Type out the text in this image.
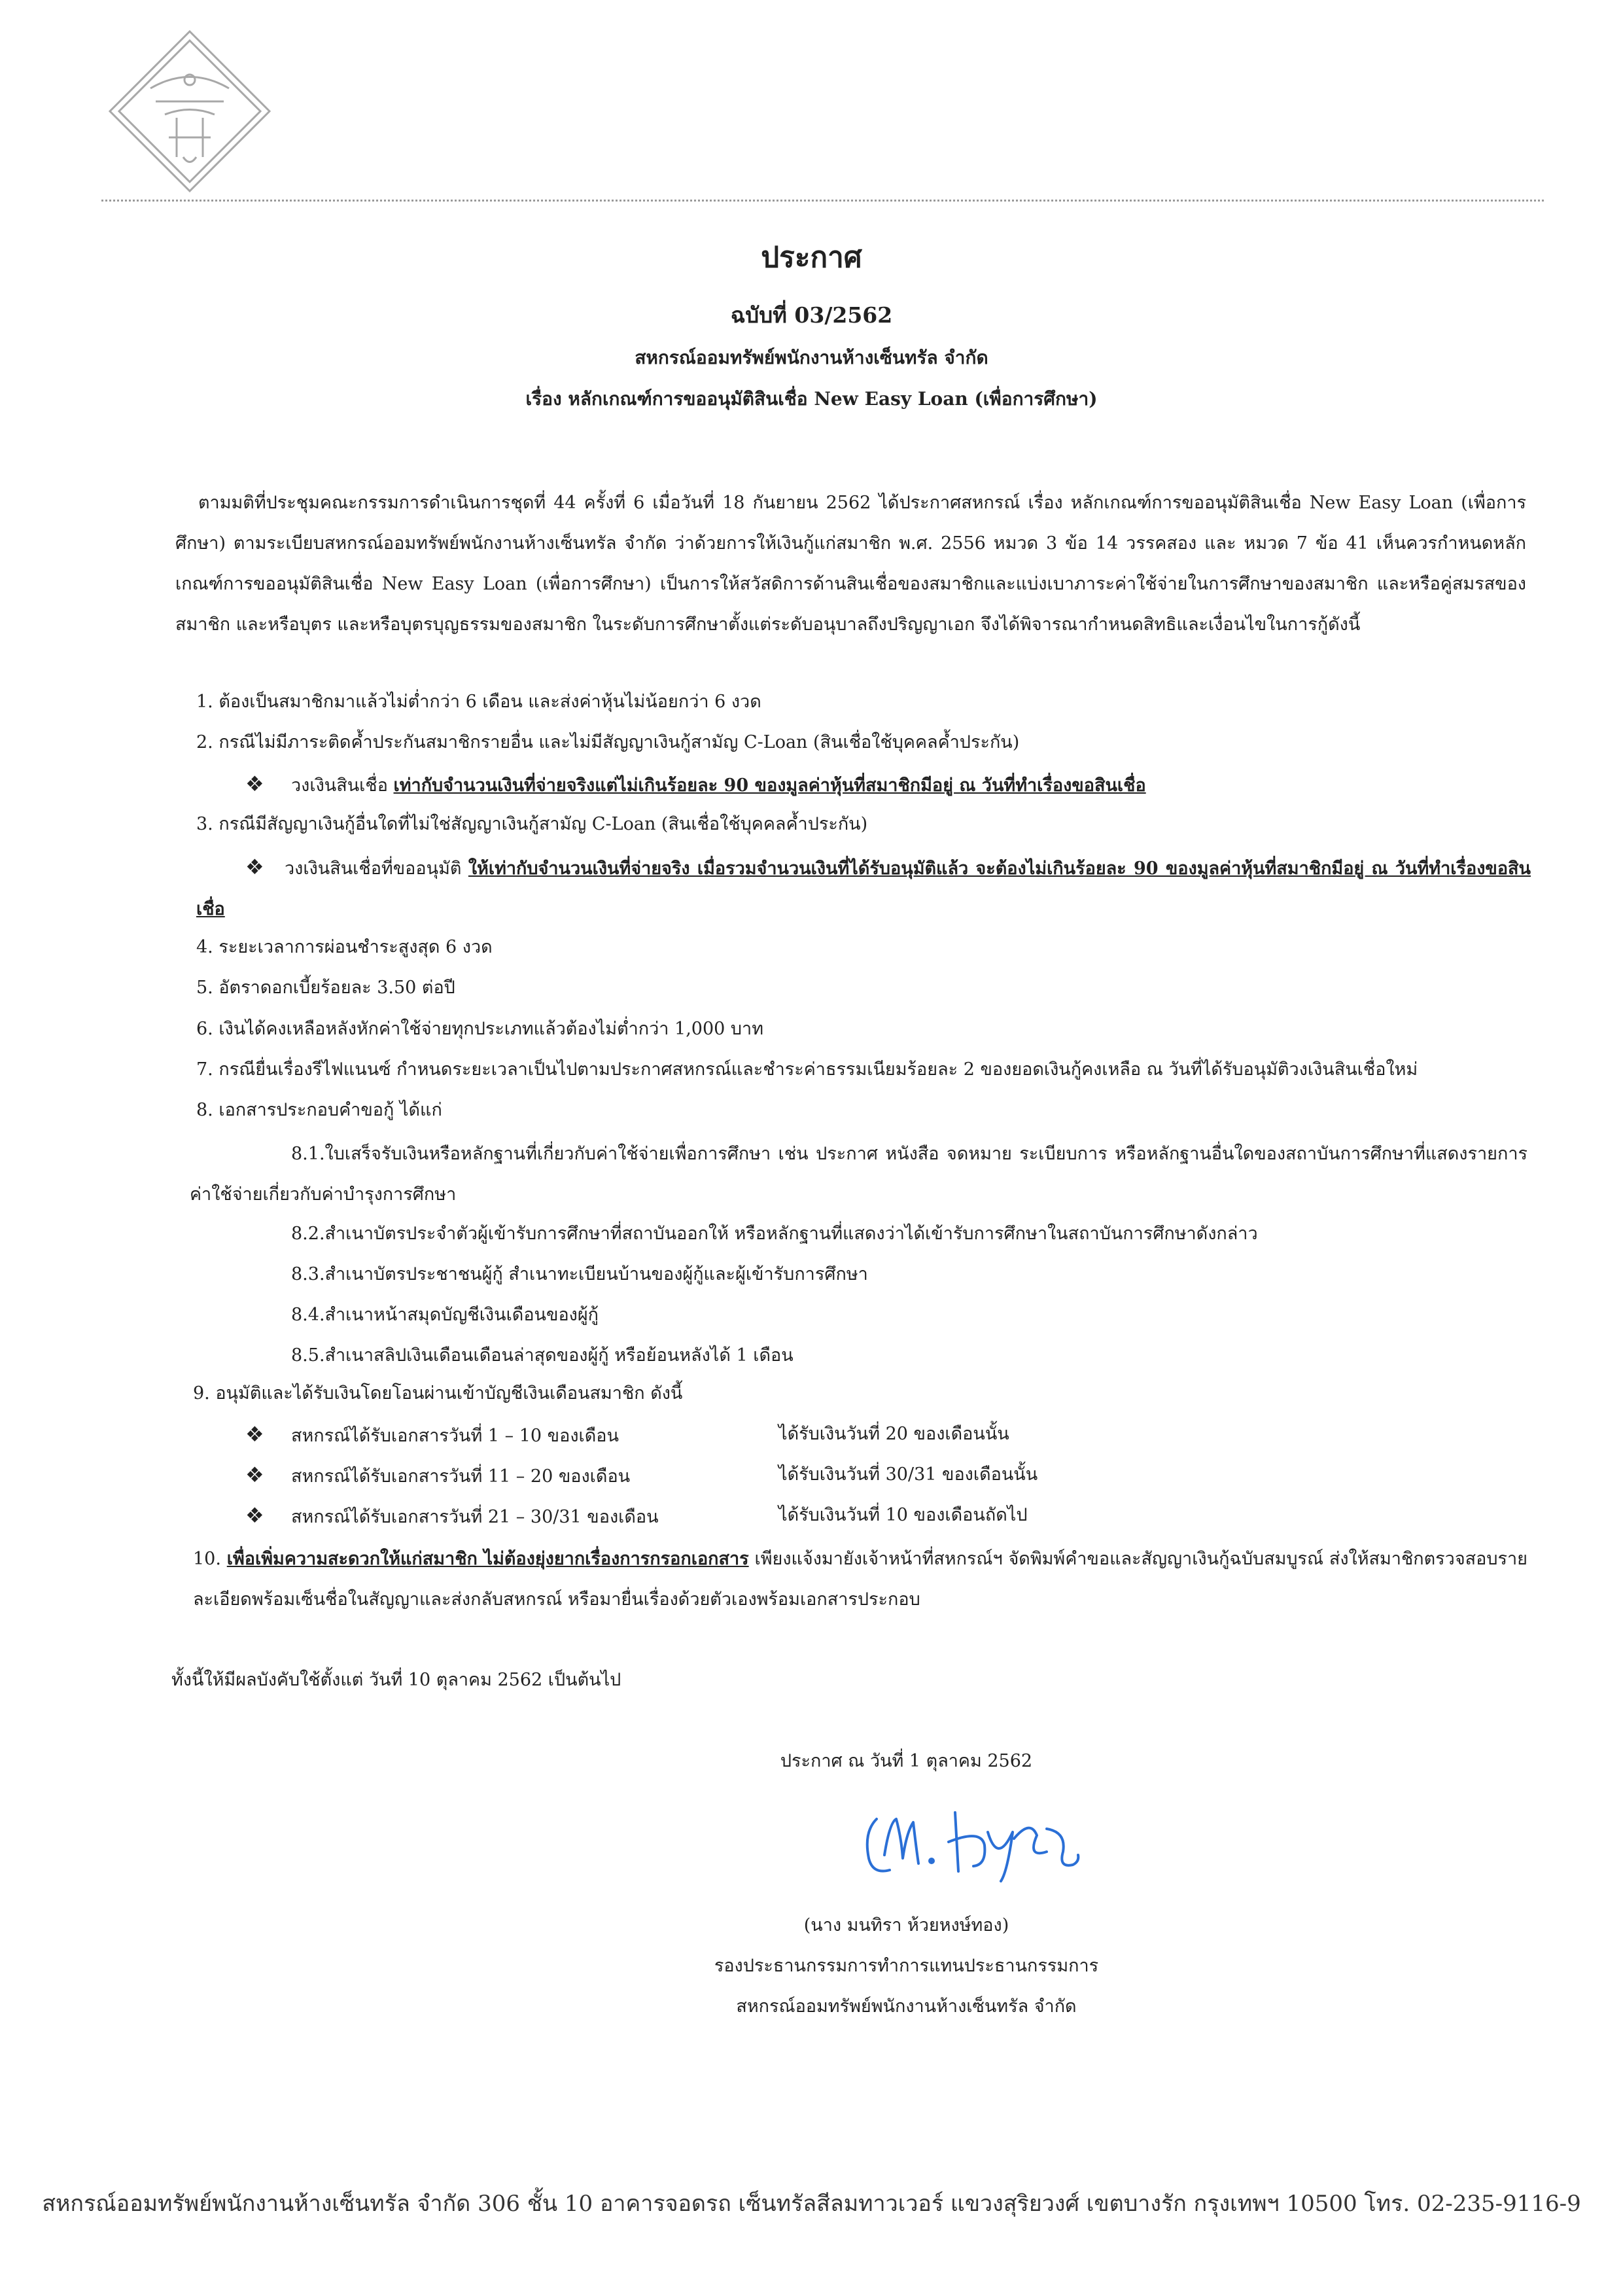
ประกาศ
ฉบับที่ 03/2562
สหกรณ์ออมทรัพย์พนักงานห้างเซ็นทรัล จำกัด
เรื่อง หลักเกณฑ์การขออนุมัติสินเชื่อ New Easy Loan (เพื่อการศึกษา)

ตามมติที่ประชุมคณะกรรมการดำเนินการชุดที่ 44 ครั้งที่ 6 เมื่อวันที่ 18 กันยายน 2562 ได้ประกาศสหกรณ์ เรื่อง หลักเกณฑ์การขออนุมัติสินเชื่อ New Easy Loan (เพื่อการศึกษา) ตามระเบียบสหกรณ์ออมทรัพย์พนักงานห้างเซ็นทรัล จำกัด ว่าด้วยการให้เงินกู้แก่สมาชิก พ.ศ. 2556 หมวด 3 ข้อ 14 วรรคสอง และ หมวด 7 ข้อ 41 เห็นควรกำหนดหลักเกณฑ์การขออนุมัติสินเชื่อ New Easy Loan (เพื่อการศึกษา) เป็นการให้สวัสดิการด้านสินเชื่อของสมาชิกและแบ่งเบาภาระค่าใช้จ่ายในการศึกษาของสมาชิก และหรือคู่สมรสของสมาชิก และหรือบุตร และหรือบุตรบุญธรรมของสมาชิก ในระดับการศึกษาตั้งแต่ระดับอนุบาลถึงปริญญาเอก จึงได้พิจารณากำหนดสิทธิและเงื่อนไขในการกู้ดังนี้

1. ต้องเป็นสมาชิกมาแล้วไม่ต่ำกว่า 6 เดือน และส่งค่าหุ้นไม่น้อยกว่า 6 งวด

2. กรณีไม่มีภาระติดค้ำประกันสมาชิกรายอื่น และไม่มีสัญญาเงินกู้สามัญ C-Loan (สินเชื่อใช้บุคคลค้ำประกัน)

❖ วงเงินสินเชื่อ เท่ากับจำนวนเงินที่จ่ายจริงแต่ไม่เกินร้อยละ 90 ของมูลค่าหุ้นที่สมาชิกมีอยู่ ณ วันที่ทำเรื่องขอสินเชื่อ

3. กรณีมีสัญญาเงินกู้อื่นใดที่ไม่ใช่สัญญาเงินกู้สามัญ C-Loan (สินเชื่อใช้บุคคลค้ำประกัน)

❖ วงเงินสินเชื่อที่ขออนุมัติ ให้เท่ากับจำนวนเงินที่จ่ายจริง เมื่อรวมจำนวนเงินที่ได้รับอนุมัติแล้ว จะต้องไม่เกินร้อยละ 90 ของมูลค่าหุ้นที่สมาชิกมีอยู่ ณ วันที่ทำเรื่องขอสินเชื่อ

4. ระยะเวลาการผ่อนชำระสูงสุด 6 งวด

5. อัตราดอกเบี้ยร้อยละ 3.50 ต่อปี

6. เงินได้คงเหลือหลังหักค่าใช้จ่ายทุกประเภทแล้วต้องไม่ต่ำกว่า 1,000 บาท

7. กรณียื่นเรื่องรีไฟแนนซ์ กำหนดระยะเวลาเป็นไปตามประกาศสหกรณ์และชำระค่าธรรมเนียมร้อยละ 2 ของยอดเงินกู้คงเหลือ ณ วันที่ได้รับอนุมัติวงเงินสินเชื่อใหม่

8. เอกสารประกอบคำขอกู้ ได้แก่

8.1.ใบเสร็จรับเงินหรือหลักฐานที่เกี่ยวกับค่าใช้จ่ายเพื่อการศึกษา เช่น ประกาศ หนังสือ จดหมาย ระเบียบการ หรือหลักฐานอื่นใดของสถาบันการศึกษาที่แสดงรายการค่าใช้จ่ายเกี่ยวกับค่าบำรุงการศึกษา

8.2.สำเนาบัตรประจำตัวผู้เข้ารับการศึกษาที่สถาบันออกให้ หรือหลักฐานที่แสดงว่าได้เข้ารับการศึกษาในสถาบันการศึกษาดังกล่าว

8.3.สำเนาบัตรประชาชนผู้กู้ สำเนาทะเบียนบ้านของผู้กู้และผู้เข้ารับการศึกษา

8.4.สำเนาหน้าสมุดบัญชีเงินเดือนของผู้กู้

8.5.สำเนาสลิปเงินเดือนเดือนล่าสุดของผู้กู้ หรือย้อนหลังได้ 1 เดือน

9. อนุมัติและได้รับเงินโดยโอนผ่านเข้าบัญชีเงินเดือนสมาชิก ดังนี้

❖ สหกรณ์ได้รับเอกสารวันที่ 1 – 10 ของเดือน	ได้รับเงินวันที่ 20 ของเดือนนั้น
❖ สหกรณ์ได้รับเอกสารวันที่ 11 – 20 ของเดือน	ได้รับเงินวันที่ 30/31 ของเดือนนั้น
❖ สหกรณ์ได้รับเอกสารวันที่ 21 – 30/31 ของเดือน	ได้รับเงินวันที่ 10 ของเดือนถัดไป

10. เพื่อเพิ่มความสะดวกให้แก่สมาชิก ไม่ต้องยุ่งยากเรื่องการกรอกเอกสาร เพียงแจ้งมายังเจ้าหน้าที่สหกรณ์ฯ จัดพิมพ์คำขอและสัญญาเงินกู้ฉบับสมบูรณ์ ส่งให้สมาชิกตรวจสอบรายละเอียดพร้อมเซ็นชื่อในสัญญาและส่งกลับสหกรณ์ หรือมายื่นเรื่องด้วยตัวเองพร้อมเอกสารประกอบ

ทั้งนี้ให้มีผลบังคับใช้ตั้งแต่ วันที่ 10 ตุลาคม 2562 เป็นต้นไป

ประกาศ ณ วันที่ 1 ตุลาคม 2562
(นาง มนทิรา ห้วยหงษ์ทอง)
รองประธานกรรมการทำการแทนประธานกรรมการ
สหกรณ์ออมทรัพย์พนักงานห้างเซ็นทรัล จำกัด
สหกรณ์ออมทรัพย์พนักงานห้างเซ็นทรัล จำกัด 306 ชั้น 10 อาคารจอดรถ เซ็นทรัลสีลมทาวเวอร์ แขวงสุริยวงศ์ เขตบางรัก กรุงเทพฯ 10500 โทร. 02-235-9116-9
